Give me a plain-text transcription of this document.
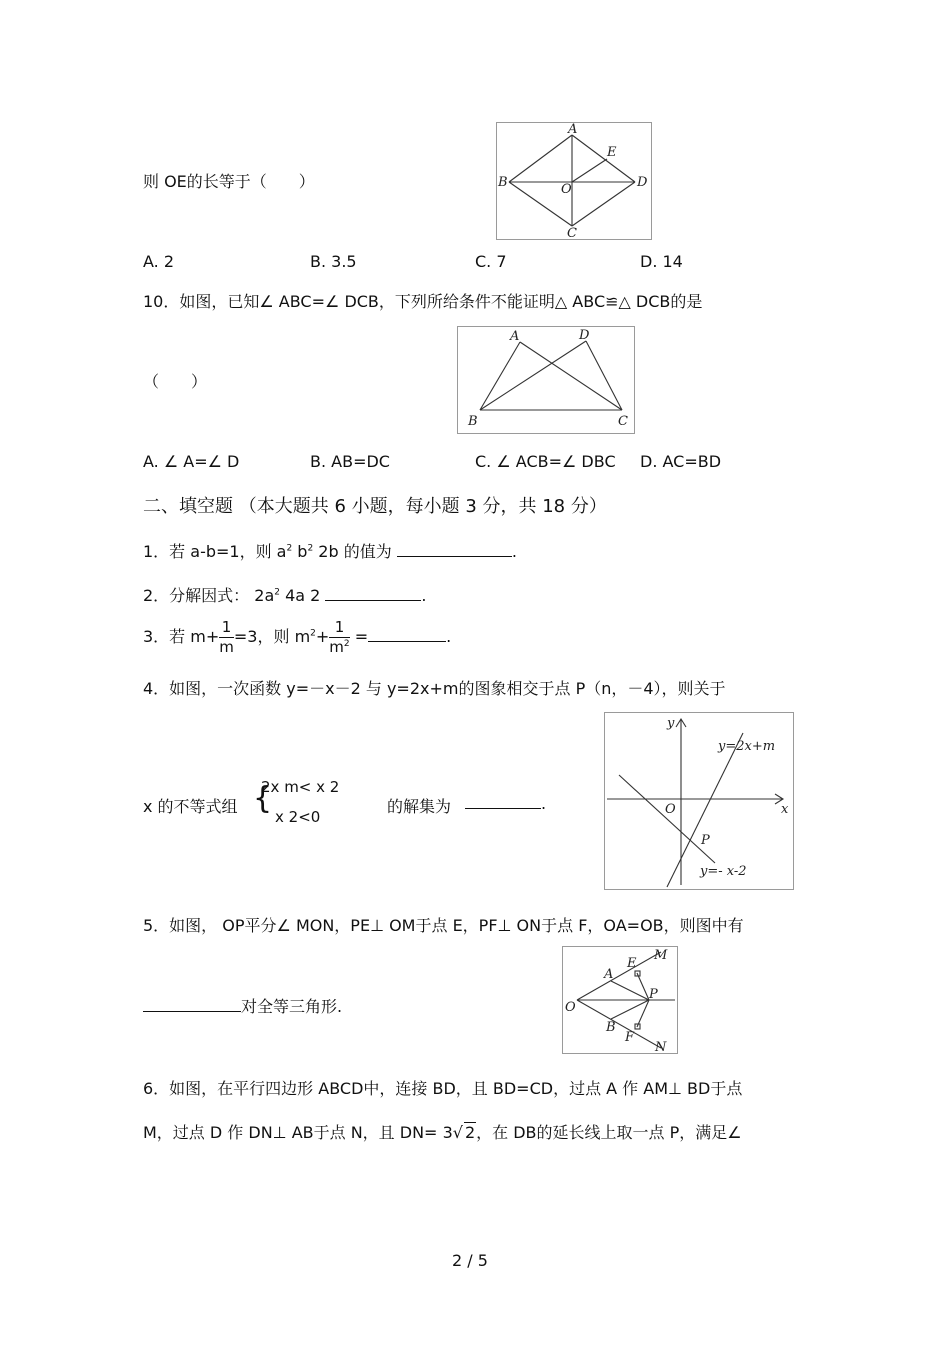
则 OE的长等于（　　）
A
B
C
D
E
O
A. 2	B. 3.5	C. 7	D. 14
10．如图，已知∠ ABC=∠ DCB，下列所给条件不能证明△ ABC≌△ DCB的是
（　　）
A	D
B	C
A. ∠ A=∠ D	B. AB=DC	C. ∠ ACB=∠ DBC D. AC=BD
二、填空题 （本大题共 6 小题，每小题 3 分，共 18 分）
1．若 a-b=1，则 $a^2$ $b^2$ 2b 的值为	.
2．分解因式： $2a^2$ 4a 2	.
3．若 $m+ \frac{1}{m} =3$，则 $m^2+ \frac{1}{m^2}$ =	.
4．如图，一次函数 y=－x－2 与 y=2x+m的图象相交于点 P（n，－4），则关于
x 的不等式组 {
2x m< x 2
x 2<0
的解集为	.
y
x
O
P
y=2x+m
y=- x-2
5．如图， OP平分∠ MON，PE⊥ OM于点 E，PF⊥ ON于点 F，OA=OB，则图中有
对全等三角形.
M
E
A
O
P
B
F
N
6．如图，在平行四边形 ABCD中，连接 BD，且 BD=CD，过点 A 作 AM⊥ BD于点
M，过点 D 作 DN⊥ AB于点 N，且 DN= 3√ 2，在 DB的延长线上取一点 P，满足∠
2 / 5
